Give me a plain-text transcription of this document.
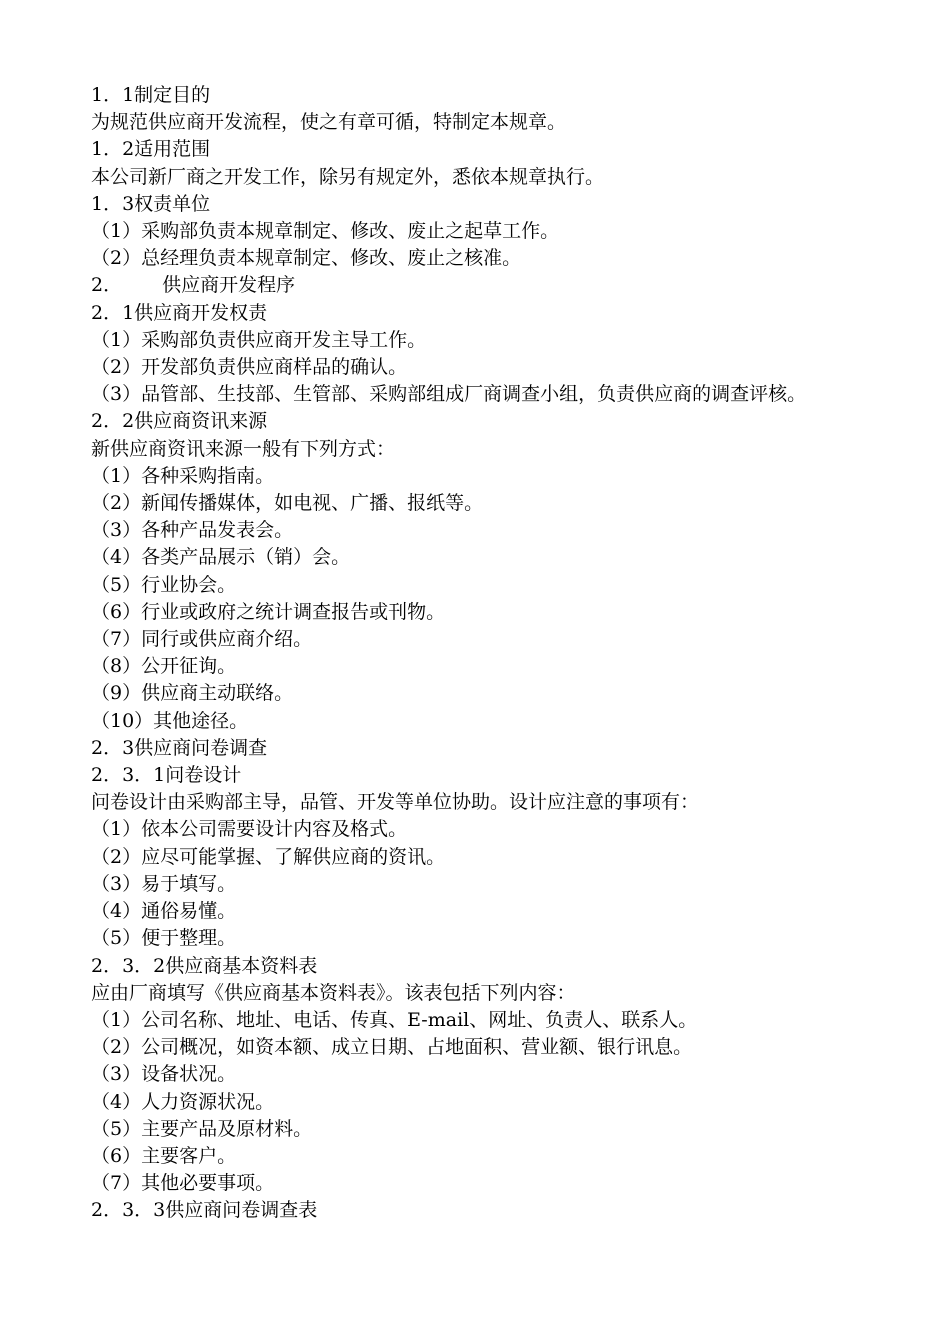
1．1制定目的
为规范供应商开发流程，使之有章可循，特制定本规章。
1．2适用范围
本公司新厂商之开发工作，除另有规定外，悉依本规章执行。
1．3权责单位
（1）采购部负责本规章制定、修改、废止之起草工作。
（2）总经理负责本规章制定、修改、废止之核准。
2． 供应商开发程序
2．1供应商开发权责
（1）采购部负责供应商开发主导工作。
（2）开发部负责供应商样品的确认。
（3）品管部、生技部、生管部、采购部组成厂商调查小组，负责供应商的调查评核。
2．2供应商资讯来源
新供应商资讯来源一般有下列方式：
（1）各种采购指南。
（2）新闻传播媒体，如电视、广播、报纸等。
（3）各种产品发表会。
（4）各类产品展示（销）会。
（5）行业协会。
（6）行业或政府之统计调查报告或刊物。
（7）同行或供应商介绍。
（8）公开征询。
（9）供应商主动联络。
（10）其他途径。
2．3供应商问卷调查
2．3．1问卷设计
问卷设计由采购部主导，品管、开发等单位协助。设计应注意的事项有：
（1）依本公司需要设计内容及格式。
（2）应尽可能掌握、了解供应商的资讯。
（3）易于填写。
（4）通俗易懂。
（5）便于整理。
2．3．2供应商基本资料表
应由厂商填写《供应商基本资料表》。该表包括下列内容：
（1）公司名称、地址、电话、传真、E-mail、网址、负责人、联系人。
（2）公司概况，如资本额、成立日期、占地面积、营业额、银行讯息。
（3）设备状况。
（4）人力资源状况。
（5）主要产品及原材料。
（6）主要客户。
（7）其他必要事项。
2．3．3供应商问卷调查表
